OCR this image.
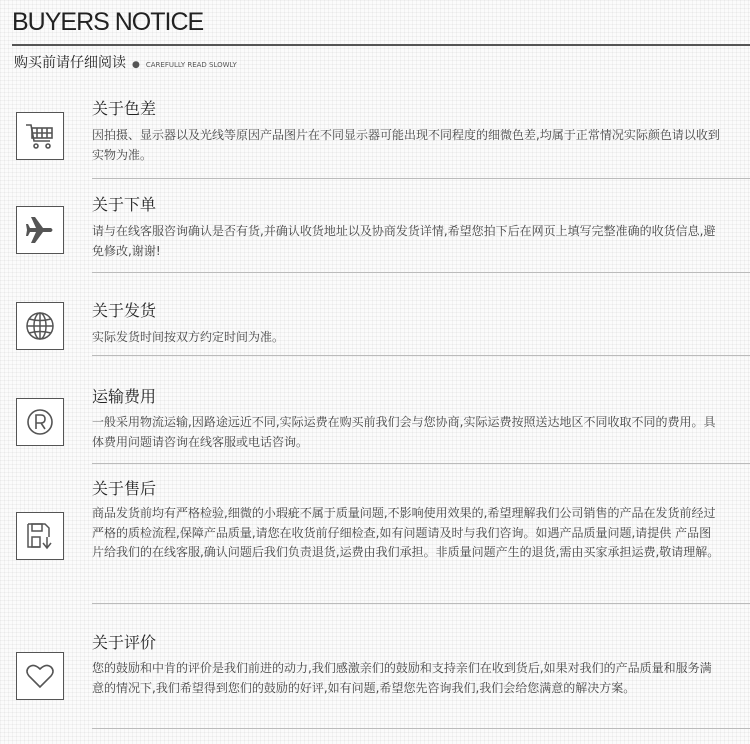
BUYERS NOTICE
购买前请仔细阅读 ● CAREFULLY READ SLOWLY
关于色差
因拍摄、显示器以及光线等原因产品图片在不同显示器可能出现不同程度的细微色差,均属于正常情况实际颜色请以收到实物为准。
关于下单
请与在线客服咨询确认是否有货,并确认收货地址以及协商发货详情,希望您拍下后在网页上填写完整准确的收货信息,避免修改,谢谢!
关于发货
实际发货时间按双方约定时间为准。
运输费用
一般采用物流运输,因路途远近不同,实际运费在购买前我们会与您协商,实际运费按照送达地区不同收取不同的费用。具体费用问题请咨询在线客服或电话咨询。
关于售后
商品发货前均有严格检验,细微的小瑕疵不属于质量问题,不影响使用效果的,希望理解我们公司销售的产品在发货前经过严格的质检流程,保障产品质量,请您在收货前仔细检查,如有问题请及时与我们咨询。如遇产品质量问题,请提供 产品图片给我们的在线客服,确认问题后我们负责退货,运费由我们承担。非质量问题产生的退货,需由买家承担运费,敬请理解。
关于评价
您的鼓励和中肯的评价是我们前进的动力,我们感激亲们的鼓励和支持亲们在收到货后,如果对我们的产品质量和服务满意的情况下,我们希望得到您们的鼓励的好评,如有问题,希望您先咨询我们,我们会给您满意的解决方案。
